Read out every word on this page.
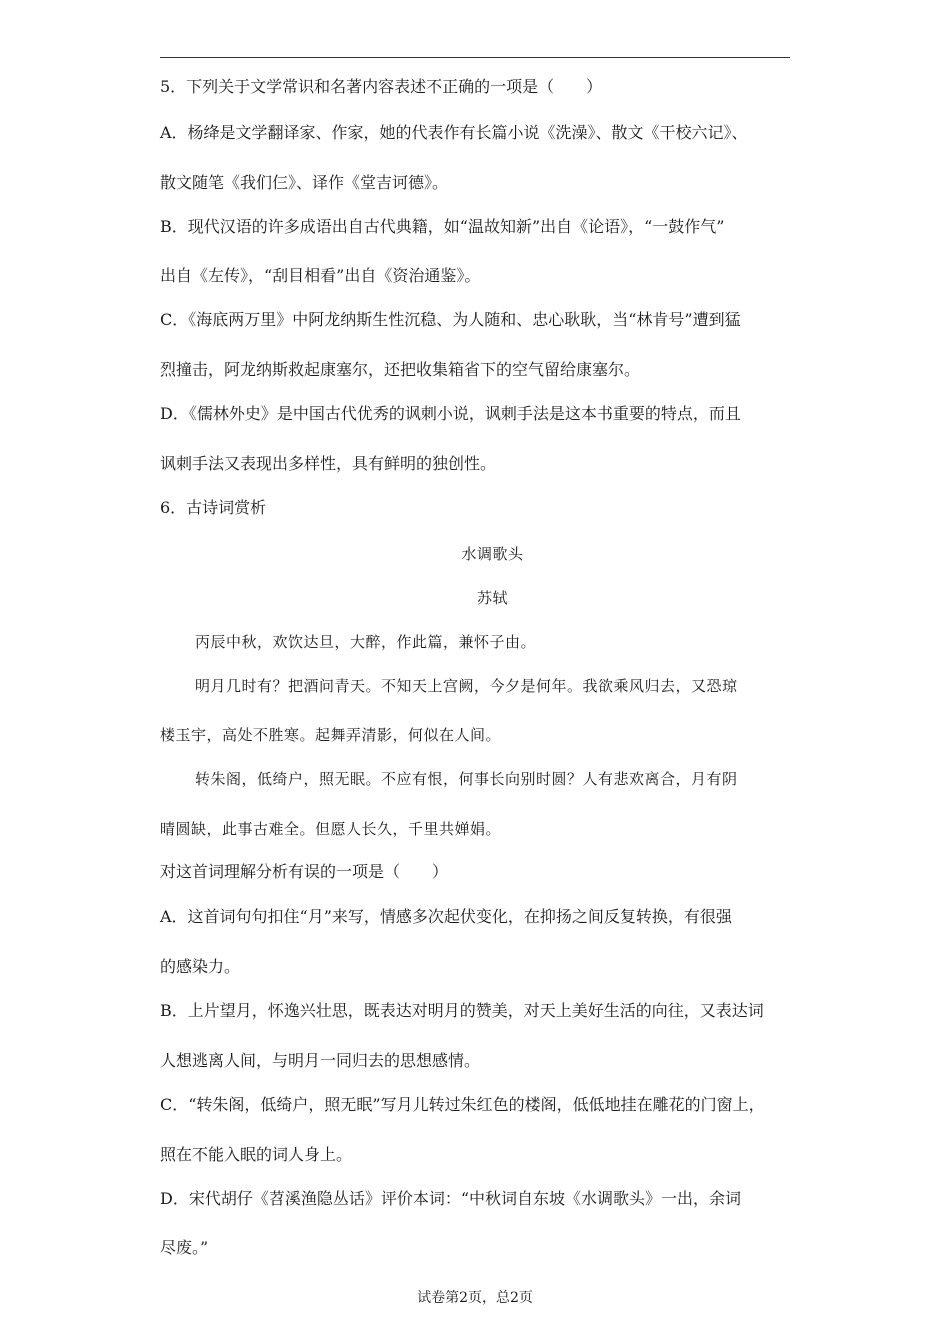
5．下列关于文学常识和名著内容表述不正确的一项是（　　）
A．杨绛是文学翻译家、作家，她的代表作有长篇小说《洗澡》、散文《干校六记》、
散文随笔《我们仨》、译作《堂吉诃德》。
B．现代汉语的许多成语出自古代典籍，如“温故知新”出自《论语》，“一鼓作气”
出自《左传》，“刮目相看”出自《资治通鉴》。
C．《海底两万里》中阿龙纳斯生性沉稳、为人随和、忠心耿耿，当“林肯号”遭到猛
烈撞击，阿龙纳斯救起康塞尔，还把收集箱省下的空气留给康塞尔。
D．《儒林外史》是中国古代优秀的讽刺小说，讽刺手法是这本书重要的特点，而且
讽刺手法又表现出多样性，具有鲜明的独创性。
6．古诗词赏析
水调歌头
苏轼
丙辰中秋，欢饮达旦，大醉，作此篇，兼怀子由。
明月几时有？把酒问青天。不知天上宫阙，今夕是何年。我欲乘风归去，又恐琼
楼玉宇，高处不胜寒。起舞弄清影，何似在人间。
转朱阁，低绮户，照无眠。不应有恨，何事长向别时圆？人有悲欢离合，月有阴
晴圆缺，此事古难全。但愿人长久，千里共婵娟。
对这首词理解分析有误的一项是（　　）
A．这首词句句扣住“月”来写，情感多次起伏变化，在抑扬之间反复转换，有很强
的感染力。
B．上片望月，怀逸兴壮思，既表达对明月的赞美，对天上美好生活的向往，又表达词
人想逃离人间，与明月一同归去的思想感情。
C．“转朱阁，低绮户，照无眠”写月儿转过朱红色的楼阁，低低地挂在雕花的门窗上，
照在不能入眠的词人身上。
D．宋代胡仔《苕溪渔隐丛话》评价本词：“中秋词自东坡《水调歌头》一出，余词
尽废。”
试卷第2页，总2页
